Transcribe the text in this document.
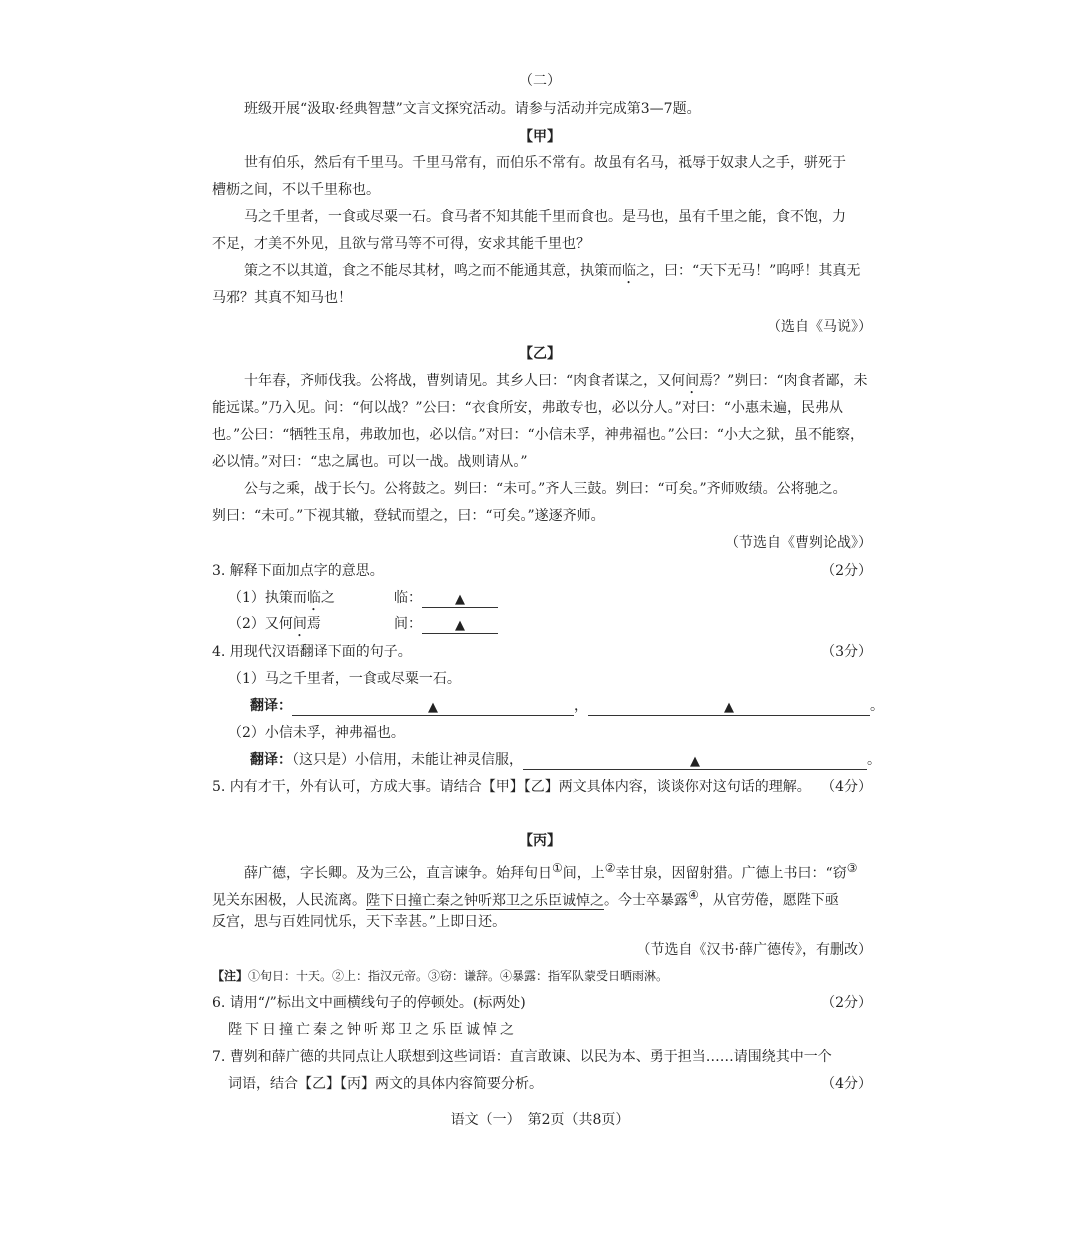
（二）
班级开展“汲取·经典智慧”文言文探究活动。请参与活动并完成第3—7题。
【甲】
世有伯乐，然后有千里马。千里马常有，而伯乐不常有。故虽有名马，祗辱于奴隶人之手，骈死于
槽枥之间，不以千里称也。
马之千里者，一食或尽粟一石。食马者不知其能千里而食也。是马也，虽有千里之能，食不饱，力
不足，才美不外见，且欲与常马等不可得，安求其能千里也？
策之不以其道，食之不能尽其材，鸣之而不能通其意，执策而临之，曰：“天下无马！”呜呼！其真无
马邪？其真不知马也！
（选自《马说》）
【乙】
十年春，齐师伐我。公将战，曹刿请见。其乡人曰：“肉食者谋之，又何间焉？”刿曰：“肉食者鄙，未
能远谋。”乃入见。问：“何以战？”公曰：“衣食所安，弗敢专也，必以分人。”对曰：“小惠未遍，民弗从
也。”公曰：“牺牲玉帛，弗敢加也，必以信。”对曰：“小信未孚，神弗福也。”公曰：“小大之狱，虽不能察，
必以情。”对曰：“忠之属也。可以一战。战则请从。”
公与之乘，战于长勺。公将鼓之。刿曰：“未可。”齐人三鼓。刿曰：“可矣。”齐师败绩。公将驰之。
刿曰：“未可。”下视其辙，登轼而望之，曰：“可矣。”遂逐齐师。
（节选自《曹刿论战》）
3. 解释下面加点字的意思。	（2分）
（1）执策而临之	临：	▲
（2）又何间焉	间：	▲
4. 用现代汉语翻译下面的句子。	（3分）
（1）马之千里者，一食或尽粟一石。
翻译：	▲	，	▲	。
（2）小信未孚，神弗福也。
翻译：（这只是）小信用，未能让神灵信服，	▲	。
5. 内有才干，外有认可，方成大事。请结合【甲】【乙】两文具体内容，谈谈你对这句话的理解。 （4分）
【丙】
薛广德，字长卿。及为三公，直言谏争。始拜旬日①间，上②幸甘泉，因留射猎。广德上书曰：“窃③
见关东困极，人民流离。陛下日撞亡秦之钟听郑卫之乐臣诚悼之。今士卒暴露④，从官劳倦，愿陛下亟
反宫，思与百姓同忧乐，天下幸甚。”上即日还。
（节选自《汉书·薛广德传》，有删改）
【注】①旬日：十天。②上：指汉元帝。③窃：谦辞。④暴露：指军队蒙受日晒雨淋。
6. 请用“/”标出文中画横线句子的停顿处。(标两处)	（2分）
陛下日撞亡秦之钟听郑卫之乐臣诚悼之
7. 曹刿和薛广德的共同点让人联想到这些词语：直言敢谏、以民为本、勇于担当……请围绕其中一个
词语，结合【乙】【丙】两文的具体内容简要分析。	（4分）
语文（一）　第2页（共8页）
